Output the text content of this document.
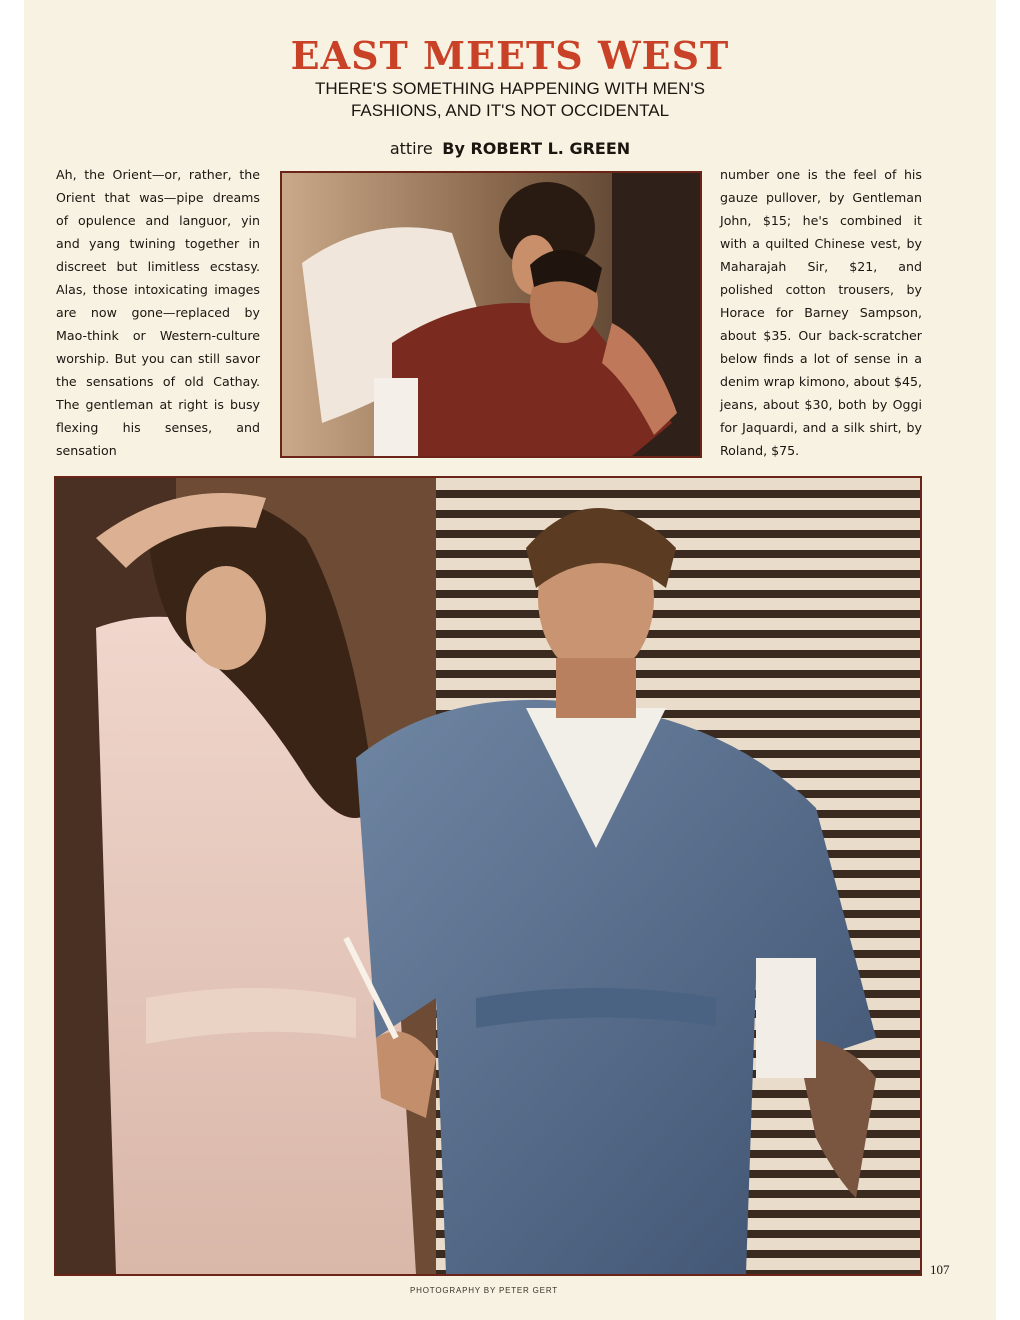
EAST MEETS WEST
THERE'S SOMETHING HAPPENING WITH MEN'S
FASHIONS, AND IT'S NOT OCCIDENTAL
attire By ROBERT L. GREEN

Ah, the Orient—or, rather, the Orient that was—pipe dreams of opulence and languor, yin and yang twining together in discreet but limitless ecstasy. Alas, those intoxicating images are now gone—replaced by Mao-think or Western-culture worship. But you can still savor the sensations of old Cathay. The gentleman at right is busy flexing his senses, and sensation

number one is the feel of his gauze pullover, by Gentleman John, $15; he's combined it with a quilted Chinese vest, by Maharajah Sir, $21, and polished cotton trousers, by Horace for Barney Sampson, about $35. Our back-scratcher below finds a lot of sense in a denim wrap kimono, about $45, jeans, about $30, both by Oggi for Jaquardi, and a silk shirt, by Roland, $75.

107
PHOTOGRAPHY BY PETER GERT
